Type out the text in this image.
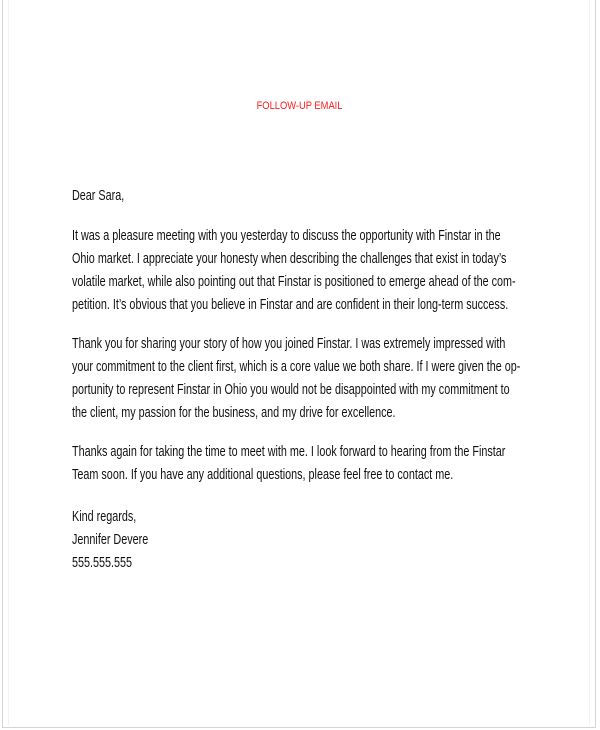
FOLLOW-UP EMAIL
Dear Sara,
It was a pleasure meeting with you yesterday to discuss the opportunity with Finstar in the
Ohio market. I appreciate your honesty when describing the challenges that exist in today’s
volatile market, while also pointing out that Finstar is positioned to emerge ahead of the com-
petition. It’s obvious that you believe in Finstar and are confident in their long-term success.
Thank you for sharing your story of how you joined Finstar. I was extremely impressed with
your commitment to the client first, which is a core value we both share. If I were given the op-
portunity to represent Finstar in Ohio you would not be disappointed with my commitment to
the client, my passion for the business, and my drive for excellence.
Thanks again for taking the time to meet with me. I look forward to hearing from the Finstar
Team soon. If you have any additional questions, please feel free to contact me.
Kind regards,
Jennifer Devere
555.555.555
